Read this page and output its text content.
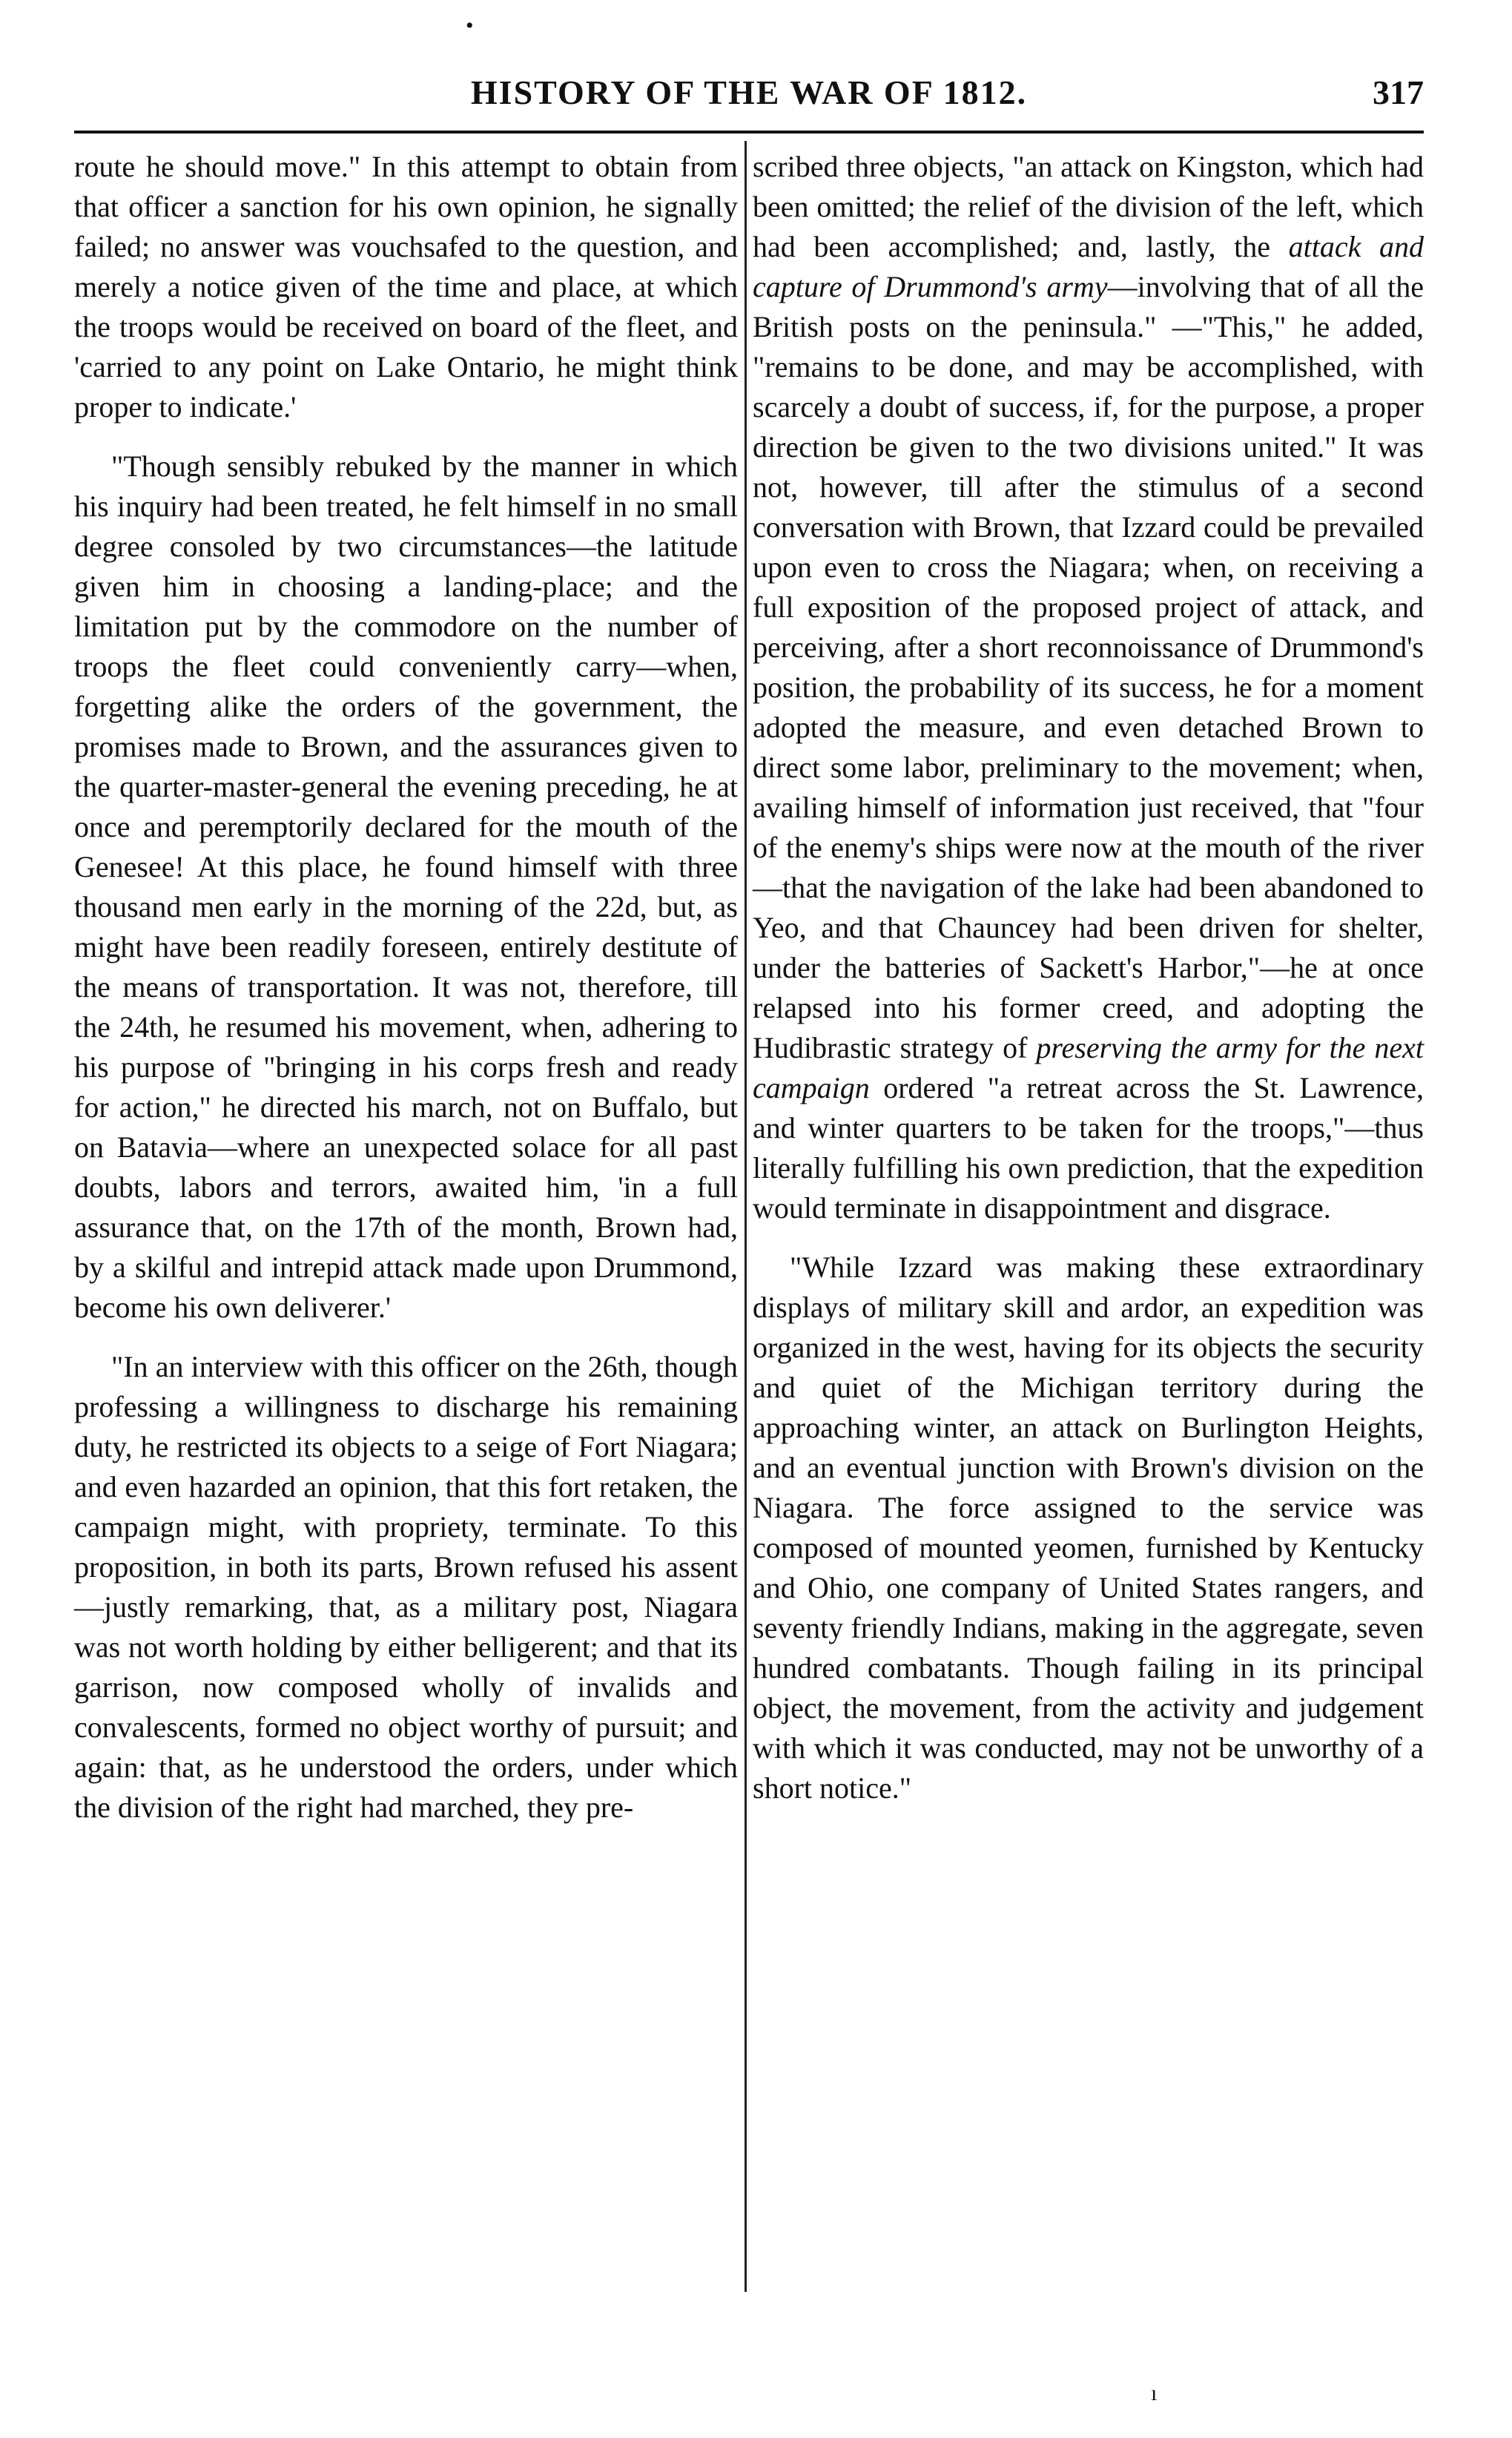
•
HISTORY OF THE WAR OF 1812.	317

route he should move." In this attempt to obtain from that officer a sanction for his own opinion, he signally failed; no answer was vouchsafed to the question, and merely a notice given of the time and place, at which the troops would be received on board of the fleet, and 'carried to any point on Lake Ontario, he might think proper to indicate.'

"Though sensibly rebuked by the manner in which his inquiry had been treated, he felt himself in no small degree consoled by two circumstances—the latitude given him in choosing a landing-place; and the limitation put by the commodore on the number of troops the fleet could conveniently carry—when, forgetting alike the orders of the government, the promises made to Brown, and the assurances given to the quarter-master-general the evening preceding, he at once and peremptorily declared for the mouth of the Genesee! At this place, he found himself with three thousand men early in the morning of the 22d, but, as might have been readily foreseen, entirely destitute of the means of transportation. It was not, therefore, till the 24th, he resumed his movement, when, adhering to his purpose of "bringing in his corps fresh and ready for action," he directed his march, not on Buffalo, but on Batavia—where an unexpected solace for all past doubts, labors and terrors, awaited him, 'in a full assurance that, on the 17th of the month, Brown had, by a skilful and intrepid attack made upon Drummond, become his own deliverer.'

"In an interview with this officer on the 26th, though professing a willingness to discharge his remaining duty, he restricted its objects to a seige of Fort Niagara; and even hazarded an opinion, that this fort retaken, the campaign might, with propriety, terminate. To this proposition, in both its parts, Brown refused his assent—justly remarking, that, as a military post, Niagara was not worth holding by either belligerent; and that its garrison, now composed wholly of invalids and convalescents, formed no object worthy of pursuit; and again: that, as he understood the orders, under which the division of the right had marched, they pre-

scribed three objects, "an attack on Kingston, which had been omitted; the relief of the division of the left, which had been accomplished; and, lastly, the attack and capture of Drummond's army—involving that of all the British posts on the peninsula." —"This," he added, "remains to be done, and may be accomplished, with scarcely a doubt of success, if, for the purpose, a proper direction be given to the two divisions united." It was not, however, till after the stimulus of a second conversation with Brown, that Izzard could be prevailed upon even to cross the Niagara; when, on receiving a full exposition of the proposed project of attack, and perceiving, after a short reconnoissance of Drummond's position, the probability of its success, he for a moment adopted the measure, and even detached Brown to direct some labor, preliminary to the movement; when, availing himself of information just received, that "four of the enemy's ships were now at the mouth of the river—that the navigation of the lake had been abandoned to Yeo, and that Chauncey had been driven for shelter, under the batteries of Sackett's Harbor,"—he at once relapsed into his former creed, and adopting the Hudibrastic strategy of preserving the army for the next campaign ordered "a retreat across the St. Lawrence, and winter quarters to be taken for the troops,"—thus literally fulfilling his own prediction, that the expedition would terminate in disappointment and disgrace.

"While Izzard was making these extraordinary displays of military skill and ardor, an expedition was organized in the west, having for its objects the security and quiet of the Michigan territory during the approaching winter, an attack on Burlington Heights, and an eventual junction with Brown's division on the Niagara. The force assigned to the service was composed of mounted yeomen, furnished by Kentucky and Ohio, one company of United States rangers, and seventy friendly Indians, making in the aggregate, seven hundred combatants. Though failing in its principal object, the movement, from the activity and judgement with which it was conducted, may not be unworthy of a short notice."

ı
